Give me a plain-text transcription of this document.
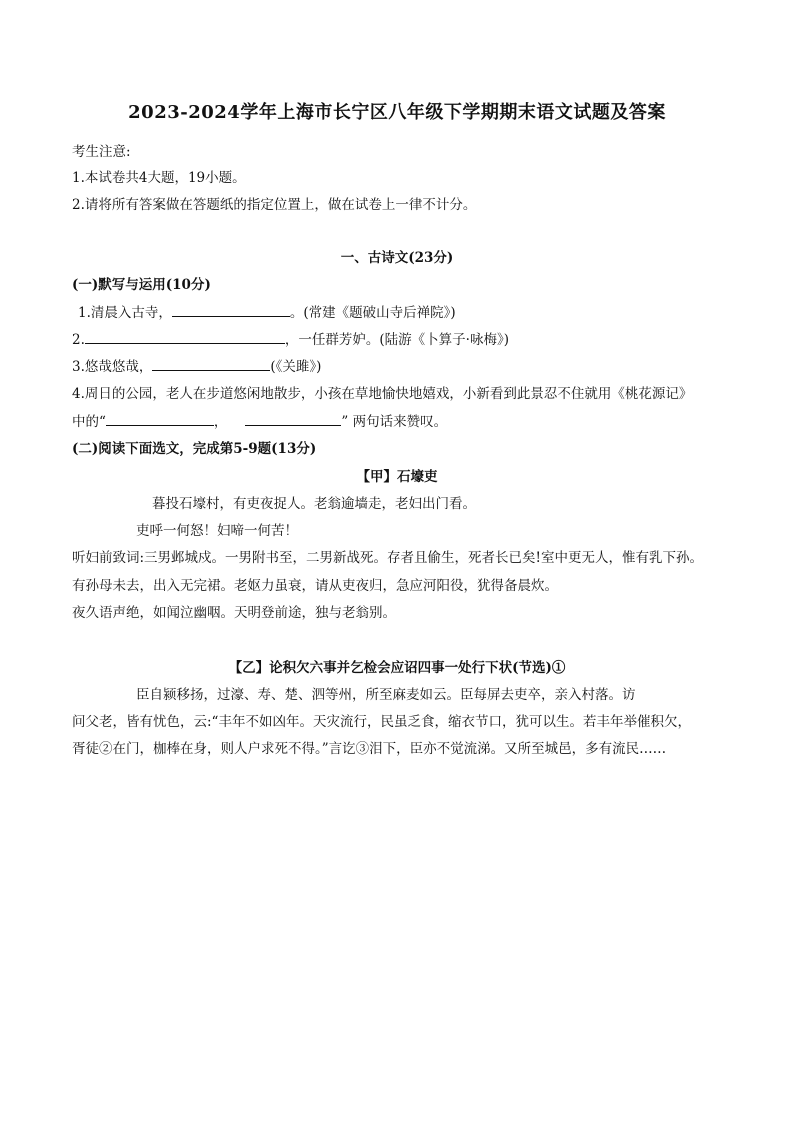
2023-2024学年上海市长宁区八年级下学期期末语文试题及答案
考生注意:
1.本试卷共4大题，19小题。
2.请将所有答案做在答题纸的指定位置上，做在试卷上一律不计分。
一、古诗文(23分)
(一)默写与运用(10分)
1.清晨入古寺，	。(常建《题破山寺后禅院》)
2.	，一任群芳妒。(陆游《卜算子·咏梅》)
3.悠哉悠哉，	(《关雎》)
4.周日的公园，老人在步道悠闲地散步，小孩在草地愉快地嬉戏，小新看到此景忍不住就用《桃花源记》
中的“	，	” 两句话来赞叹。
(二)阅读下面选文，完成第5-9题(13分)
【甲】石壕吏
暮投石壕村，有吏夜捉人。老翁逾墙走，老妇出门看。
吏呼一何怒！妇啼一何苦！
听妇前致词:三男邺城戍。一男附书至，二男新战死。存者且偷生，死者长已矣!室中更无人，惟有乳下孙。
有孙母未去，出入无完裙。老妪力虽衰，请从吏夜归，急应河阳役，犹得备晨炊。
夜久语声绝，如闻泣幽咽。天明登前途，独与老翁别。
【乙】论积欠六事并乞检会应诏四事一处行下状(节选)①
臣自颍移扬，过濠、寿、楚、泗等州，所至麻麦如云。臣每屏去吏卒，亲入村落。访
问父老，皆有忧色，云:“丰年不如凶年。天灾流行，民虽乏食，缩衣节口，犹可以生。若丰年举催积欠，
胥徒②在门，枷棒在身，则人户求死不得。”言讫③泪下，臣亦不觉流涕。又所至城邑，多有流民……
